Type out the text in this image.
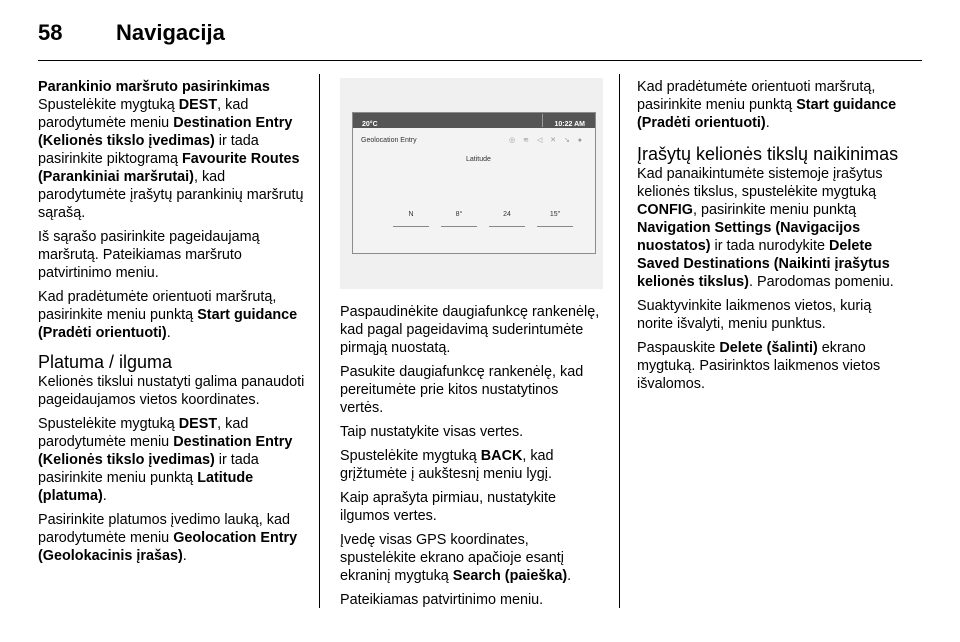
58 Navigacija

Parankinio maršruto pasirinkimas

Spustelėkite mygtuką DEST, kad parodytumėte meniu Destination Entry (Kelionės tikslo įvedimas) ir tada pasirinkite piktogramą Favourite Routes (Parankiniai maršrutai), kad parodytumėte įrašytų parankinių maršrutų sąrašą.

Iš sąrašo pasirinkite pageidaujamą maršrutą. Pateikiamas maršruto patvirtinimo meniu.

Kad pradėtumėte orientuoti maršrutą, pasirinkite meniu punktą Start guidance (Pradėti orientuoti).

Platuma / ilguma

Kelionės tikslui nustatyti galima panaudoti pageidaujamos vietos koordinates.

Spustelėkite mygtuką DEST, kad parodytumėte meniu Destination Entry (Kelionės tikslo įvedimas) ir tada pasirinkite meniu punktą Latitude (platuma).

Pasirinkite platumos įvedimo lauką, kad parodytumėte meniu Geolocation Entry (Geolokacinis įrašas).

20°C	10:22 AM
Geolocation Entry	◎ ≋ ◁ ✕ ↘ ●
Latitude
N	8°	24	15"

Paspaudinėkite daugiafunkcę rankenėlę, kad pagal pageidavimą suderintumėte pirmąją nuostatą.

Pasukite daugiafunkcę rankenėlę, kad pereitumėte prie kitos nustatytinos vertės.

Taip nustatykite visas vertes.

Spustelėkite mygtuką BACK, kad grįžtumėte į aukštesnį meniu lygį.

Kaip aprašyta pirmiau, nustatykite ilgumos vertes.

Įvedę visas GPS koordinates, spustelėkite ekrano apačioje esantį ekraninį mygtuką Search (paieška).

Pateikiamas patvirtinimo meniu.

Kad pradėtumėte orientuoti maršrutą, pasirinkite meniu punktą Start guidance (Pradėti orientuoti).

Įrašytų kelionės tikslų naikinimas

Kad panaikintumėte sistemoje įrašytus kelionės tikslus, spustelėkite mygtuką CONFIG, pasirinkite meniu punktą Navigation Settings (Navigacijos nuostatos) ir tada nurodykite Delete Saved Destinations (Naikinti įrašytus kelionės tikslus). Parodomas pomeniu.

Suaktyvinkite laikmenos vietos, kurią norite išvalyti, meniu punktus.

Paspauskite Delete (šalinti) ekrano mygtuką. Pasirinktos laikmenos vietos išvalomos.
